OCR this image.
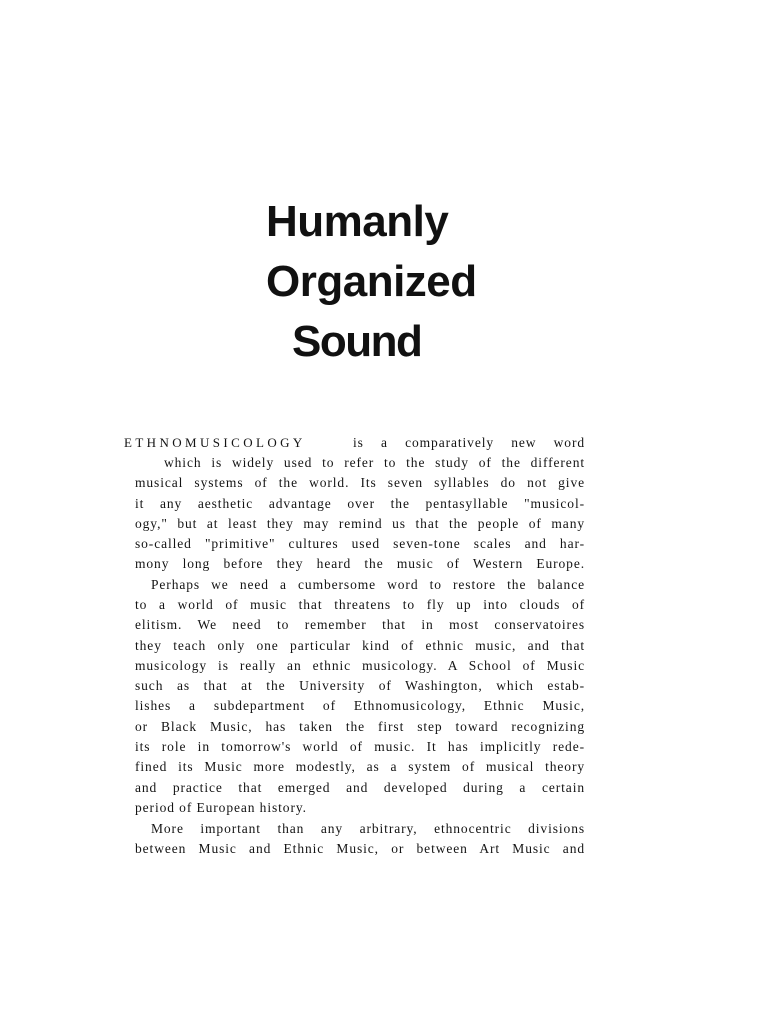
Humanly
Organized
Sound
ETHNOMUSICOLOGY	is a comparatively new word
which is widely used to refer to the study of the different
musical systems of the world. Its seven syllables do not give
it any aesthetic advantage over the pentasyllable "musicol-
ogy," but at least they may remind us that the people of many
so-called "primitive" cultures used seven-tone scales and har-
mony long before they heard the music of Western Europe.
Perhaps we need a cumbersome word to restore the balance
to a world of music that threatens to fly up into clouds of
elitism. We need to remember that in most conservatoires
they teach only one particular kind of ethnic music, and that
musicology is really an ethnic musicology. A School of Music
such as that at the University of Washington, which estab-
lishes a subdepartment of Ethnomusicology, Ethnic Music,
or Black Music, has taken the first step toward recognizing
its role in tomorrow's world of music. It has implicitly rede-
fined its Music more modestly, as a system of musical theory
and practice that emerged and developed during a certain
period of European history.
More important than any arbitrary, ethnocentric divisions
between Music and Ethnic Music, or between Art Music and
